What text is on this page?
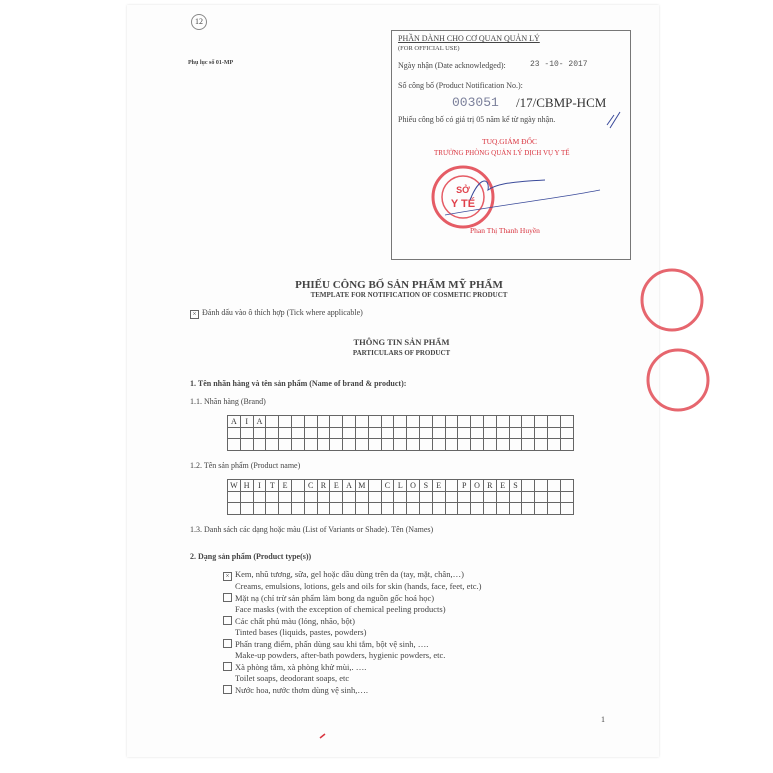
12
Phụ lục số 01-MP
PHẦN DÀNH CHO CƠ QUAN QUẢN LÝ
(FOR OFFICIAL USE)
Ngày nhận (Date acknowledged):	23 -10- 2017
Số công bố (Product Notification No.):
003051 /17/CBMP-HCM
Phiếu công bố có giá trị 05 năm kể từ ngày nhận.
TUQ.GIÁM ĐỐC
TRƯỞNG PHÒNG QUẢN LÝ DỊCH VỤ Y TẾ
Phan Thị Thanh Huyền
SỞ
Y TẾ
PHIẾU CÔNG BỐ SẢN PHẨM MỸ PHẨM
TEMPLATE FOR NOTIFICATION OF COSMETIC PRODUCT
× Đánh dấu vào ô thích hợp (Tick where applicable)
THÔNG TIN SẢN PHẨM
PARTICULARS OF PRODUCT
1. Tên nhãn hàng và tên sản phẩm (Name of brand & product):
1.1. Nhãn hàng (Brand)
A	I	A																								

1.2. Tên sản phẩm (Product name)
W	H	I	T	E		C	R	E	A	M		C	L	O	S	E		P	O	R	E	S				

1.3. Danh sách các dạng hoặc màu (List of Variants or Shade). Tên (Names)
2. Dạng sản phẩm (Product type(s))
× Kem, nhũ tương, sữa, gel hoặc dầu dùng trên da (tay, mặt, chân,…)
Creams, emulsions, lotions, gels and oils for skin (hands, face, feet, etc.)
Mặt nạ (chỉ trừ sản phẩm làm bong da nguồn gốc hoá học)
Face masks (with the exception of chemical peeling products)
Các chất phủ màu (lỏng, nhão, bột)
Tinted bases (liquids, pastes, powders)
Phấn trang điểm, phấn dùng sau khi tắm, bột vệ sinh, ….
Make-up powders, after-bath powders, hygienic powders, etc.
Xà phòng tắm, xà phòng khử mùi,. ….
Toilet soaps, deodorant soaps, etc
Nước hoa, nước thơm dùng vệ sinh,….
1
